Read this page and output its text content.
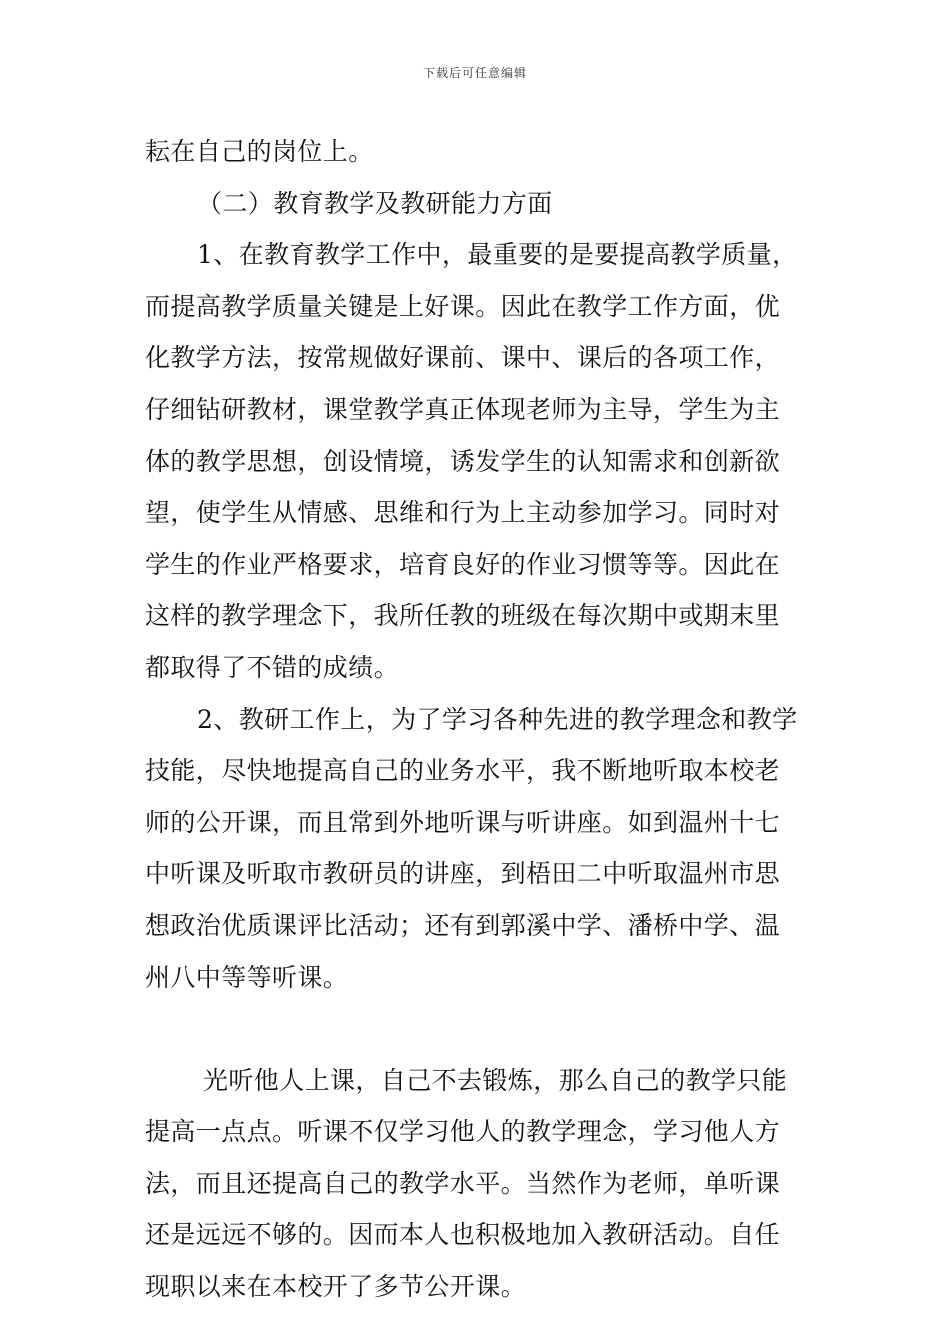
下载后可任意编辑
耘在自己的岗位上。
（二）教育教学及教研能力方面
1、在教育教学工作中，最重要的是要提高教学质量，
而提高教学质量关键是上好课。因此在教学工作方面，优
化教学方法，按常规做好课前、课中、课后的各项工作，
仔细钻研教材，课堂教学真正体现老师为主导，学生为主
体的教学思想，创设情境，诱发学生的认知需求和创新欲
望，使学生从情感、思维和行为上主动参加学习。同时对
学生的作业严格要求，培育良好的作业习惯等等。因此在
这样的教学理念下，我所任教的班级在每次期中或期末里
都取得了不错的成绩。
2、教研工作上，为了学习各种先进的教学理念和教学
技能，尽快地提高自己的业务水平，我不断地听取本校老
师的公开课，而且常到外地听课与听讲座。如到温州十七
中听课及听取市教研员的讲座，到梧田二中听取温州市思
想政治优质课评比活动；还有到郭溪中学、潘桥中学、温
州八中等等听课。
光听他人上课，自己不去锻炼，那么自己的教学只能
提高一点点。听课不仅学习他人的教学理念，学习他人方
法，而且还提高自己的教学水平。当然作为老师，单听课
还是远远不够的。因而本人也积极地加入教研活动。自任
现职以来在本校开了多节公开课。
